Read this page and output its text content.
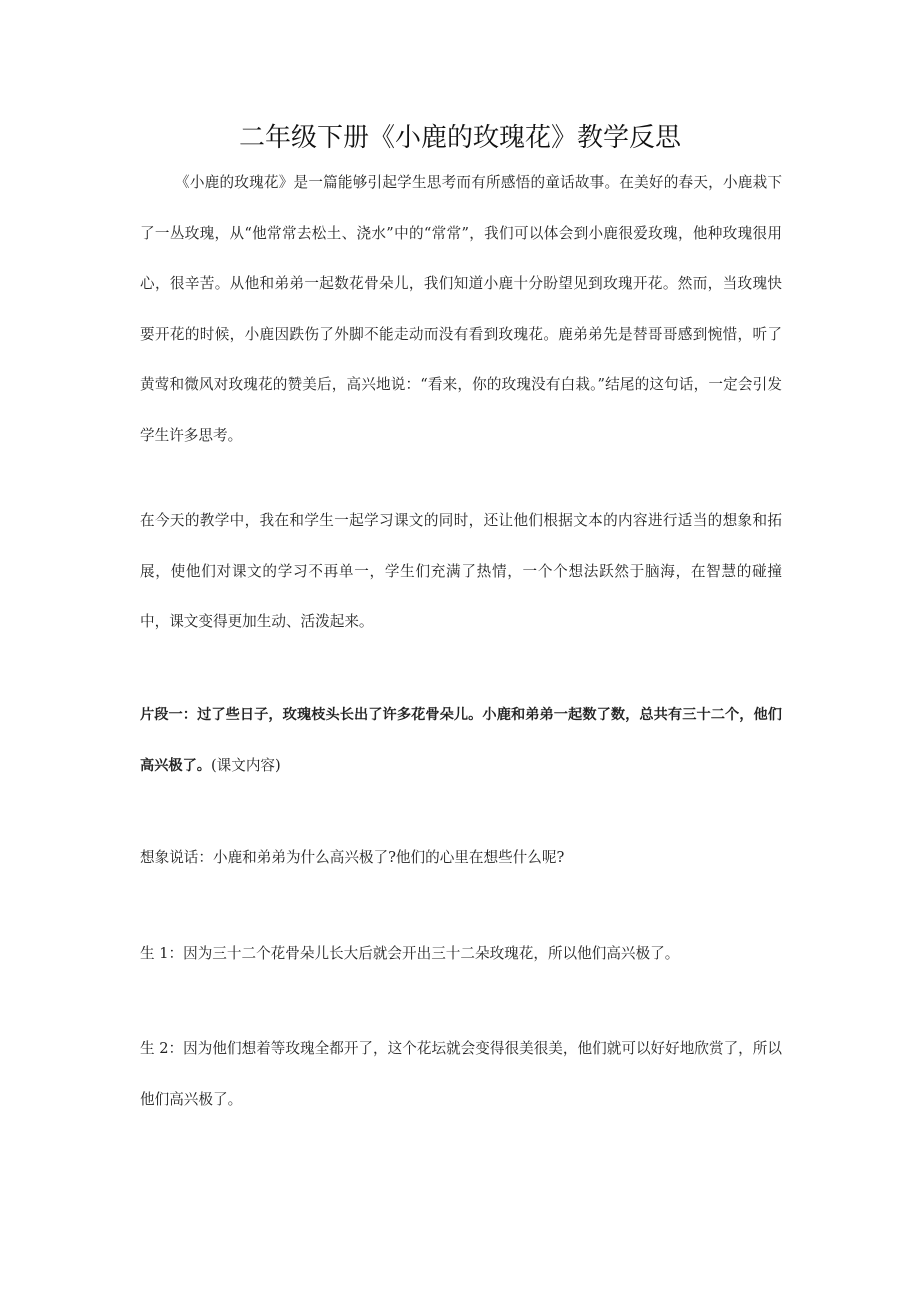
二年级下册《小鹿的玫瑰花》教学反思

《小鹿的玫瑰花》是一篇能够引起学生思考而有所感悟的童话故事。在美好的春天，小鹿栽下了一丛玫瑰，从“他常常去松土、浇水”中的“常常”，我们可以体会到小鹿很爱玫瑰，他种玫瑰很用心，很辛苦。从他和弟弟一起数花骨朵儿，我们知道小鹿十分盼望见到玫瑰开花。然而，当玫瑰快要开花的时候，小鹿因跌伤了外脚不能走动而没有看到玫瑰花。鹿弟弟先是替哥哥感到惋惜，听了黄莺和微风对玫瑰花的赞美后，高兴地说：“看来，你的玫瑰没有白栽。”结尾的这句话，一定会引发学生许多思考。

在今天的教学中，我在和学生一起学习课文的同时，还让他们根据文本的内容进行适当的想象和拓展，使他们对课文的学习不再单一，学生们充满了热情，一个个想法跃然于脑海，在智慧的碰撞中，课文变得更加生动、活泼起来。

片段一：过了些日子，玫瑰枝头长出了许多花骨朵儿。小鹿和弟弟一起数了数，总共有三十二个，他们高兴极了。(课文内容)

想象说话：小鹿和弟弟为什么高兴极了?他们的心里在想些什么呢?

生 1：因为三十二个花骨朵儿长大后就会开出三十二朵玫瑰花，所以他们高兴极了。

生 2：因为他们想着等玫瑰全都开了，这个花坛就会变得很美很美，他们就可以好好地欣赏了，所以他们高兴极了。
